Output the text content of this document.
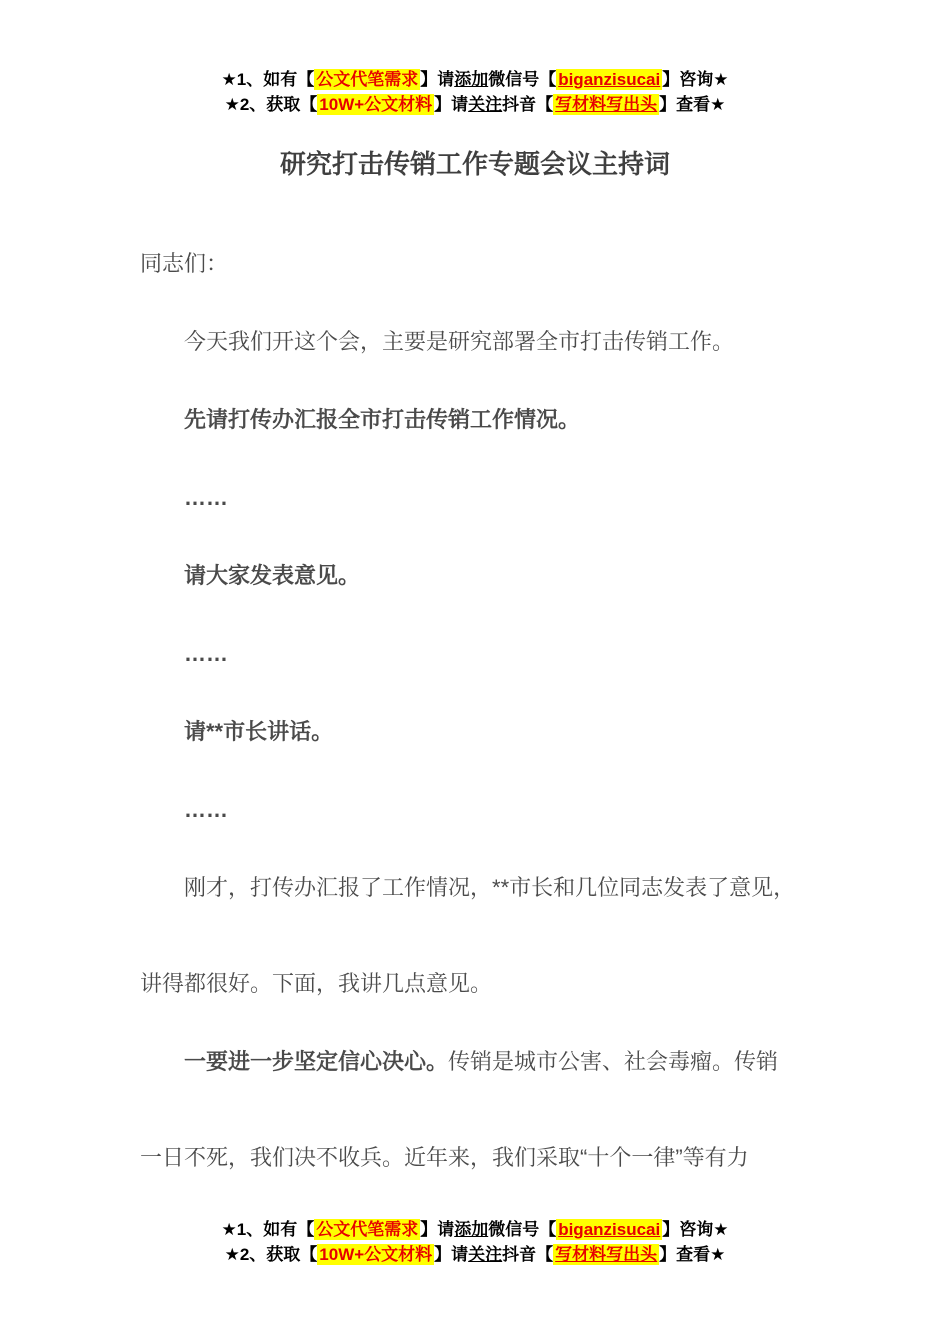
★1、如有【 公文代笔需求 】请添加微信号【 biganzisucai 】咨询★

★2、获取【 10W+公文材料 】请关注抖音【 写材料写出头 】查看★

研究打击传销工作专题会议主持词

同志们：

今天我们开这个会，主要是研究部署全市打击传销工作。

先请打传办汇报全市打击传销工作情况。

……

请大家发表意见。

……

请**市长讲话。

……

刚才，打传办汇报了工作情况，**市长和几位同志发表了意见，

讲得都很好。下面，我讲几点意见。

一要进一步坚定信心决心。传销是城市公害、社会毒瘤。传销

一日不死，我们决不收兵。近年来，我们采取“十个一律”等有力

★1、如有【 公文代笔需求 】请添加微信号【 biganzisucai 】咨询★

★2、获取【 10W+公文材料 】请关注抖音【 写材料写出头 】查看★
